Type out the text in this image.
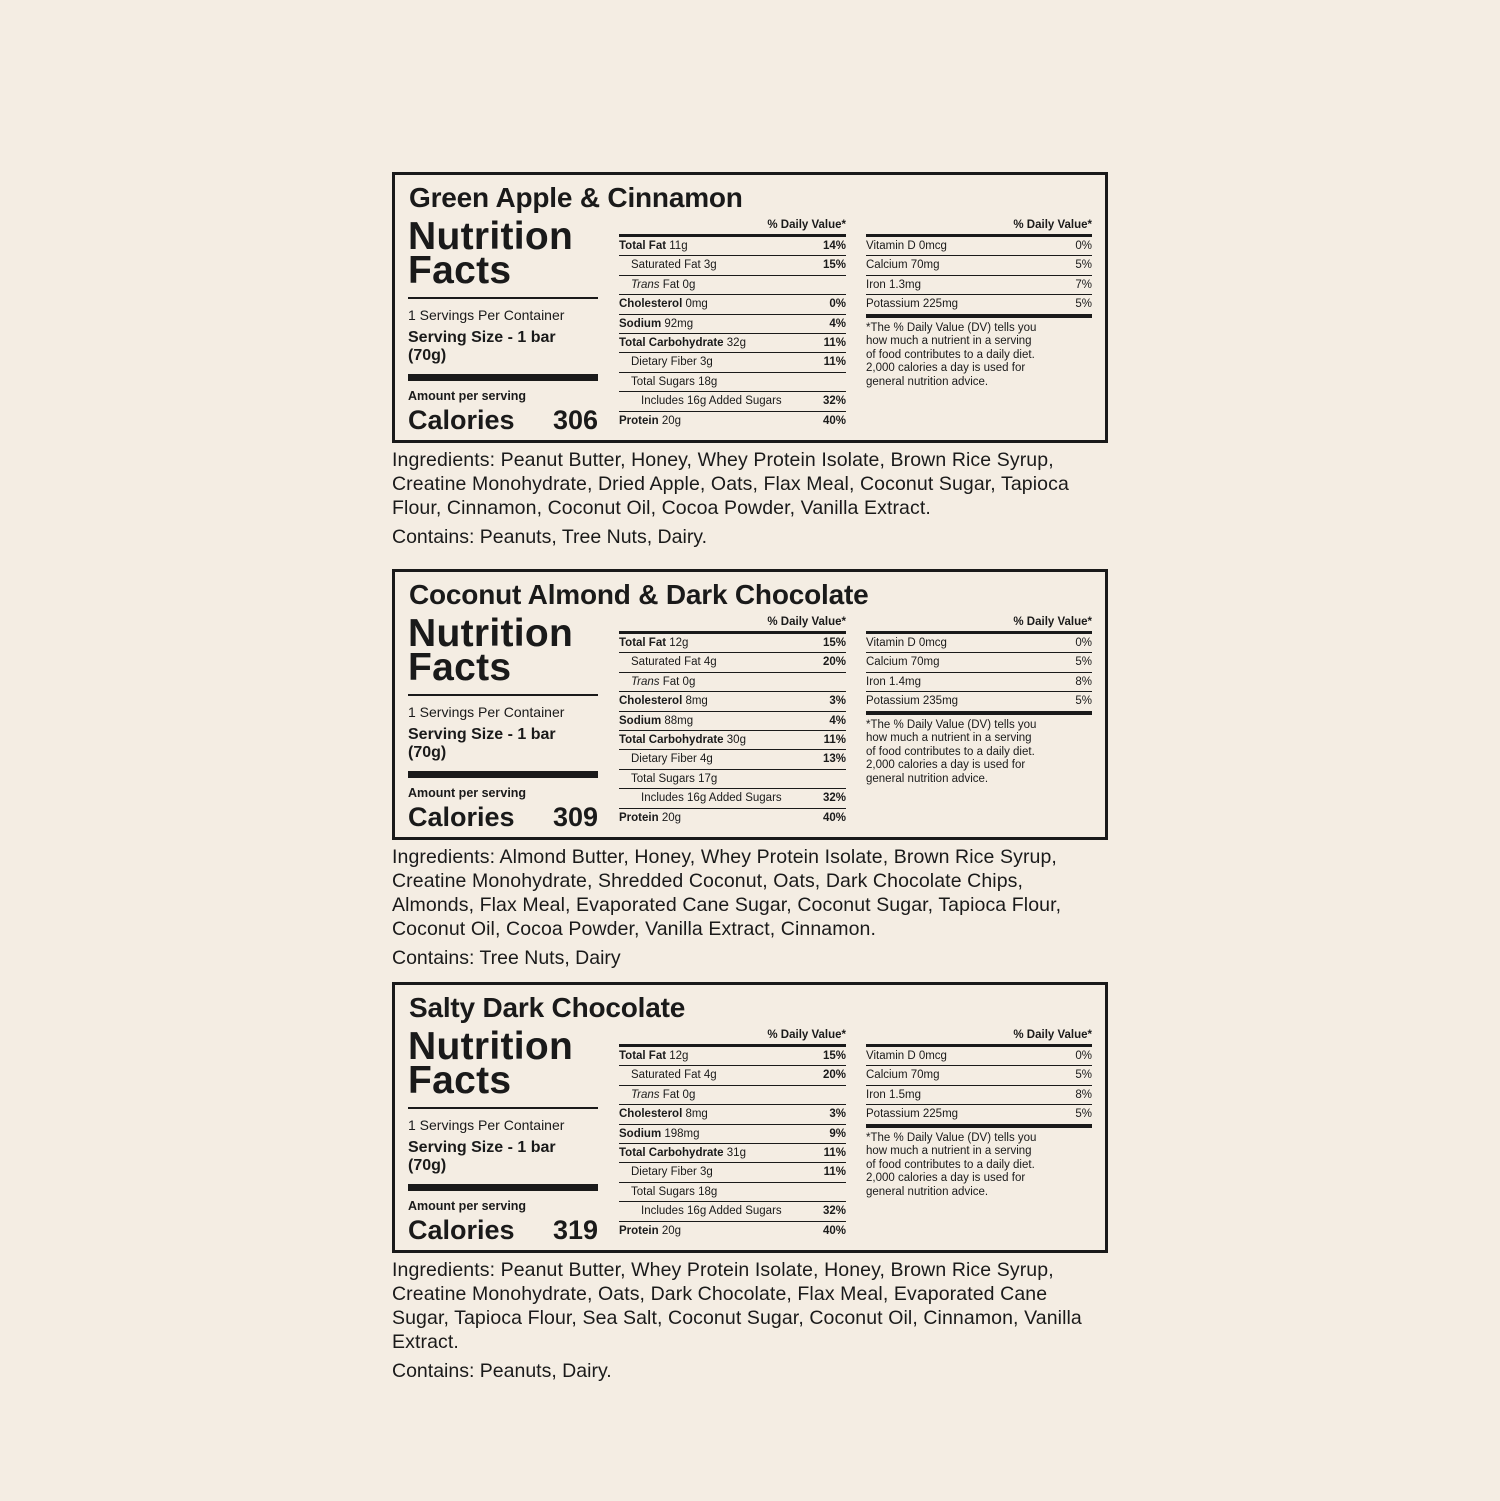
Green Apple & Cinnamon
Nutrition Facts
1 Servings Per Container
Serving Size - 1 bar (70g)
Amount per serving
Calories 306
% Daily Value*
Total Fat 11g	14%
Saturated Fat 3g	15%
Trans Fat 0g
Cholesterol 0mg	0%
Sodium 92mg	4%
Total Carbohydrate 32g	11%
Dietary Fiber 3g	11%
Total Sugars 18g
Includes 16g Added Sugars	32%
Protein 20g	40%
% Daily Value*
Vitamin D 0mcg	0%
Calcium 70mg	5%
Iron 1.3mg	7%
Potassium 225mg	5%
*The % Daily Value (DV) tells you
how much a nutrient in a serving
of food contributes to a daily diet.
2,000 calories a day is used for
general nutrition advice.
Ingredients: Peanut Butter, Honey, Whey Protein Isolate, Brown Rice Syrup, Creatine Monohydrate, Dried Apple, Oats, Flax Meal, Coconut Sugar, Tapioca Flour, Cinnamon, Coconut Oil, Cocoa Powder, Vanilla Extract.
Contains: Peanuts, Tree Nuts, Dairy.
Coconut Almond & Dark Chocolate
Nutrition Facts
1 Servings Per Container
Serving Size - 1 bar (70g)
Amount per serving
Calories 309
% Daily Value*
Total Fat 12g	15%
Saturated Fat 4g	20%
Trans Fat 0g
Cholesterol 8mg	3%
Sodium 88mg	4%
Total Carbohydrate 30g	11%
Dietary Fiber 4g	13%
Total Sugars 17g
Includes 16g Added Sugars	32%
Protein 20g	40%
% Daily Value*
Vitamin D 0mcg	0%
Calcium 70mg	5%
Iron 1.4mg	8%
Potassium 235mg	5%
*The % Daily Value (DV) tells you
how much a nutrient in a serving
of food contributes to a daily diet.
2,000 calories a day is used for
general nutrition advice.
Ingredients: Almond Butter, Honey, Whey Protein Isolate, Brown Rice Syrup, Creatine Monohydrate, Shredded Coconut, Oats, Dark Chocolate Chips, Almonds, Flax Meal, Evaporated Cane Sugar, Coconut Sugar, Tapioca Flour, Coconut Oil, Cocoa Powder, Vanilla Extract, Cinnamon.
Contains: Tree Nuts, Dairy
Salty Dark Chocolate
Nutrition Facts
1 Servings Per Container
Serving Size - 1 bar (70g)
Amount per serving
Calories 319
% Daily Value*
Total Fat 12g	15%
Saturated Fat 4g	20%
Trans Fat 0g
Cholesterol 8mg	3%
Sodium 198mg	9%
Total Carbohydrate 31g	11%
Dietary Fiber 3g	11%
Total Sugars 18g
Includes 16g Added Sugars	32%
Protein 20g	40%
% Daily Value*
Vitamin D 0mcg	0%
Calcium 70mg	5%
Iron 1.5mg	8%
Potassium 225mg	5%
*The % Daily Value (DV) tells you
how much a nutrient in a serving
of food contributes to a daily diet.
2,000 calories a day is used for
general nutrition advice.
Ingredients: Peanut Butter, Whey Protein Isolate, Honey, Brown Rice Syrup, Creatine Monohydrate, Oats, Dark Chocolate, Flax Meal, Evaporated Cane Sugar, Tapioca Flour, Sea Salt, Coconut Sugar, Coconut Oil, Cinnamon, Vanilla Extract.
Contains: Peanuts, Dairy.
